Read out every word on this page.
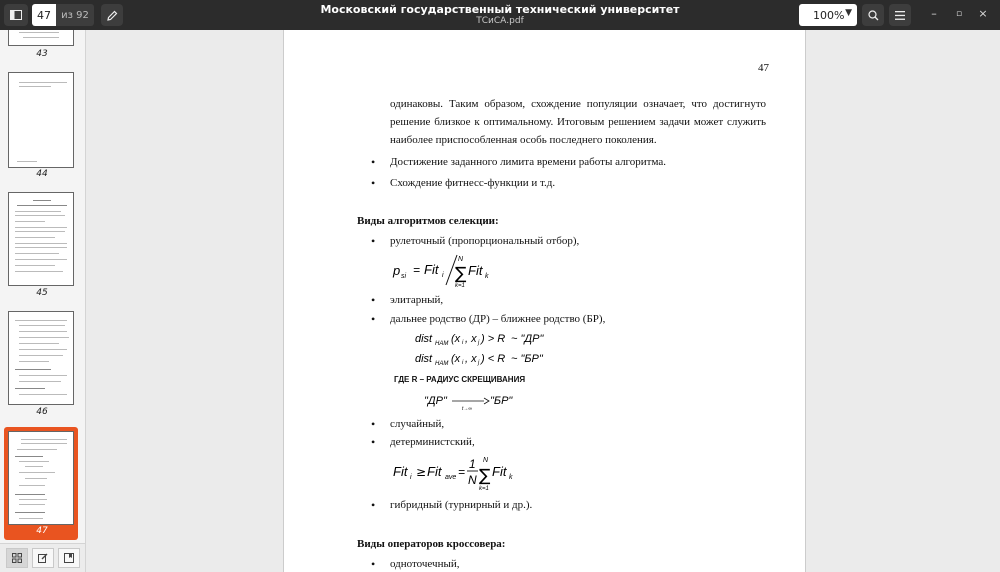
47	из 92	Московский государственный технический университет
ТСиСА.pdf	100% ▼	–	▫	×
43
44
45
46
47
47
одинаковы. Таким образом, схождение популяции означает, что достигнуто решение близкое к оптимальному. Итоговым решением задачи может служить наиболее приспособленная особь последнего поколения.
Достижение заданного лимита времени работы алгоритма.
Схождение фитнесс-функции и т.д.
Виды алгоритмов селекции:
рулеточный (пропорциональный отбор),
p si = Fit i
N
∑
k=1
Fit k
элитарный,
дальнее родство (ДР) – ближнее родство (БР),
dist HAM (x i , x j ) > R ~ "ДР"
dist HAM (x i , x j ) < R ~ "БР"
ГДЕ R – РАДИУС СКРЕЩИВАНИЯ
"ДР"
t→∞
"БР"
случайный,
детерминистский,
Fit i ≥ Fit ave =
1
N
N
∑
k=1
Fit k
гибридный (турнирный и др.).
Виды операторов кроссовера:
одноточечный,
